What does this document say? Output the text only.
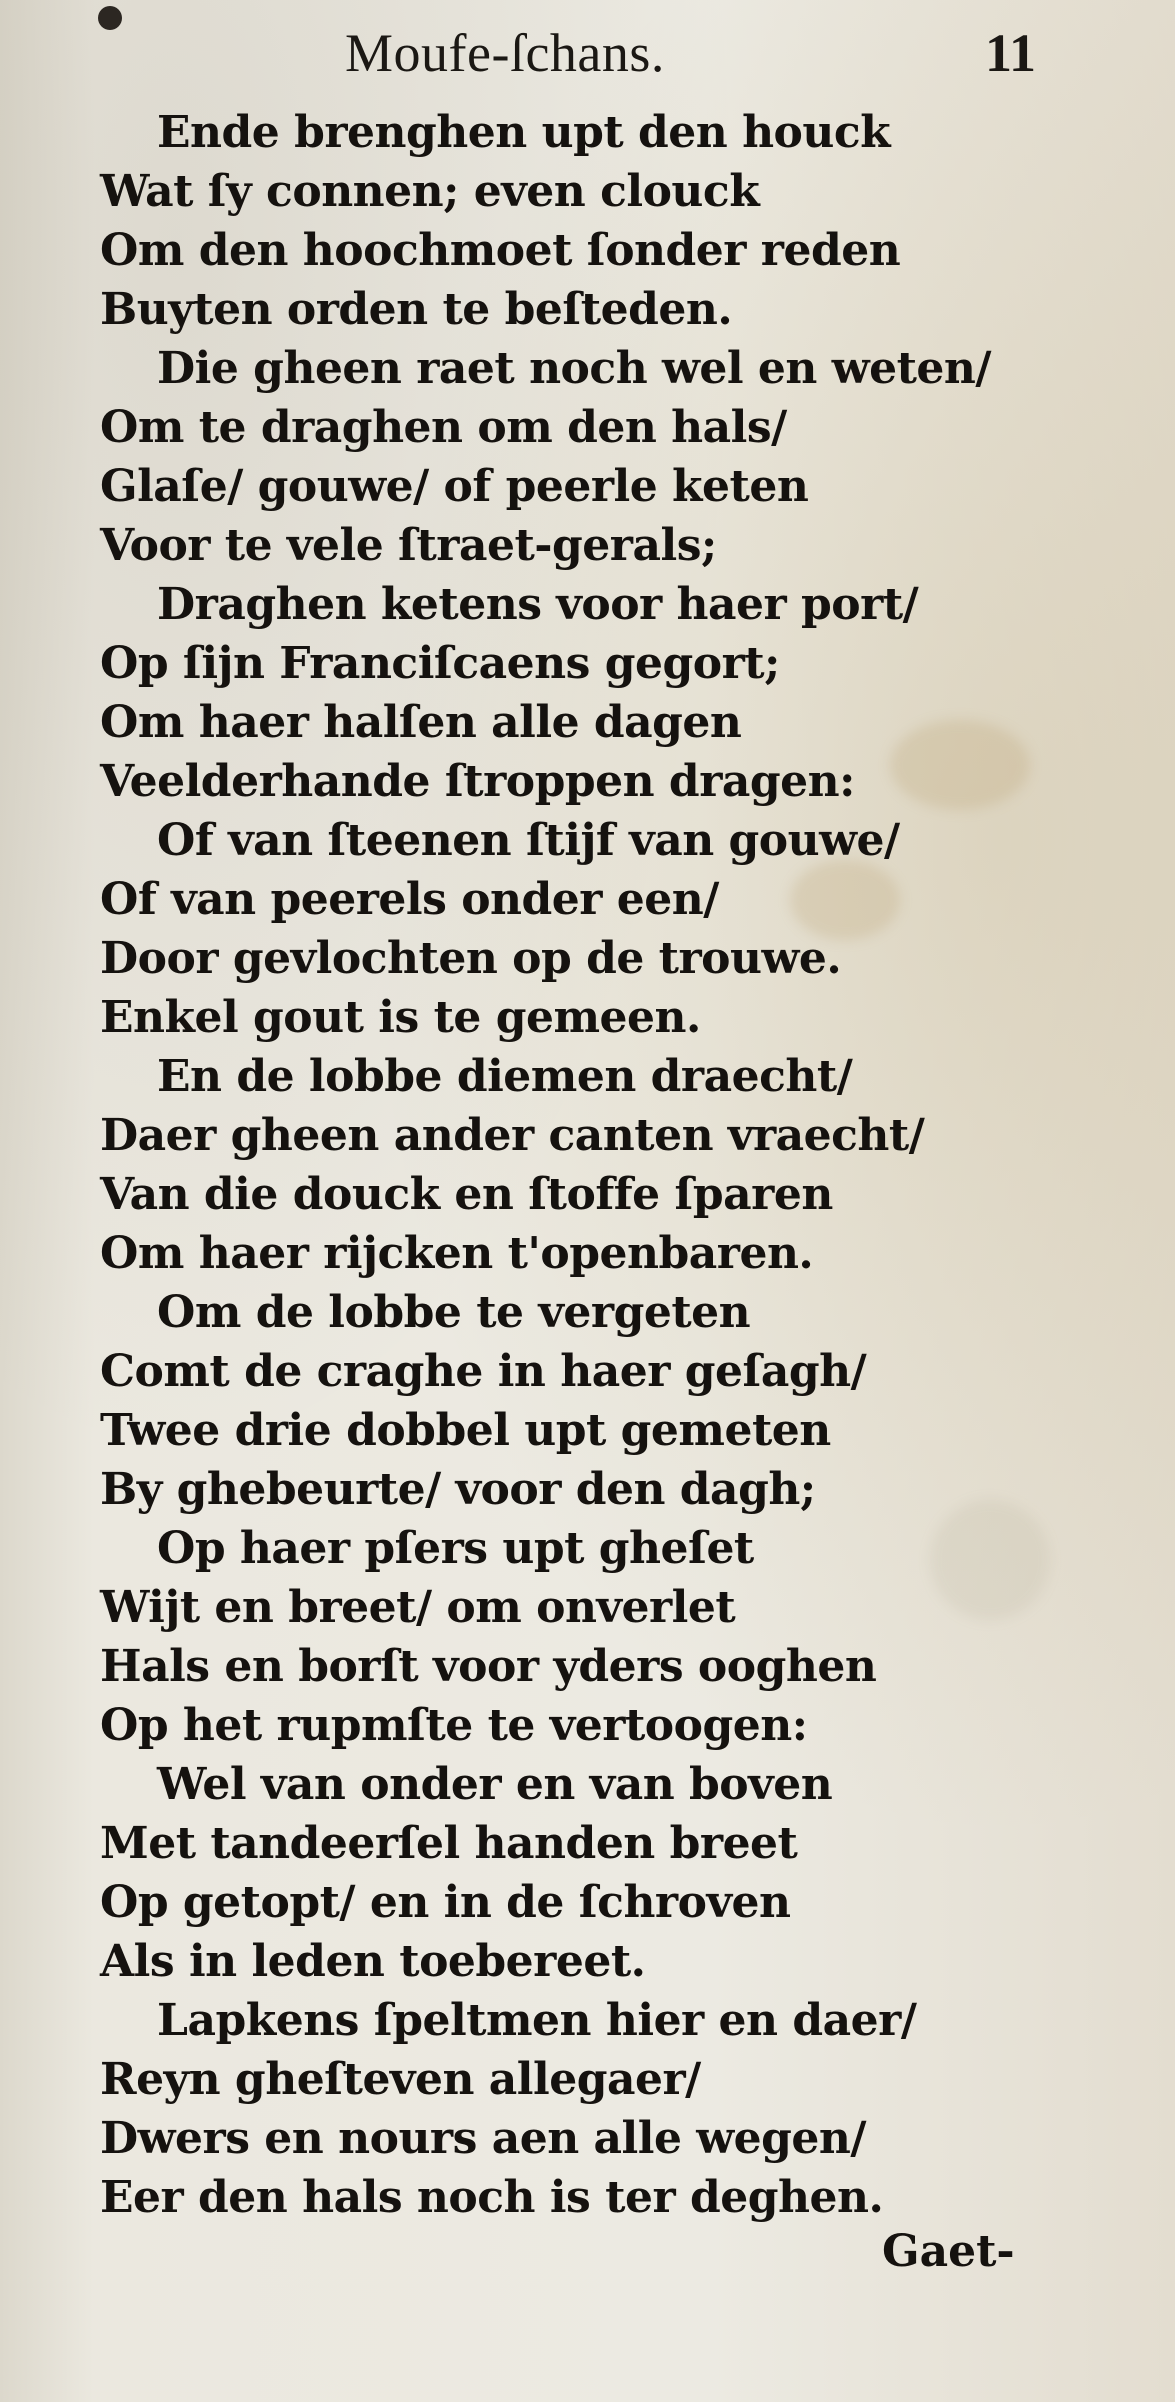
Moufe-ſchans.	11
Ende brenghen upt den houck
Wat ſy connen; even clouck
Om den hoochmoet ſonder reden
Buyten orden te beſteden.
Die gheen raet noch wel en weten/
Om te draghen om den hals/
Glaſe/ gouwe/ of peerle keten
Voor te vele ſtraet-gerals;
Draghen ketens voor haer port/
Op ſijn Franciſcaens gegort;
Om haer halſen alle dagen
Veelderhande ſtroppen dragen:
Of van ſteenen ſtijf van gouwe/
Of van peerels onder een/
Door gevlochten op de trouwe.
Enkel gout is te gemeen.
En de lobbe diemen draecht/
Daer gheen ander canten vraecht/
Van die douck en ſtoffe ſparen
Om haer rijcken t'openbaren.
Om de lobbe te vergeten
Comt de craghe in haer geſagh/
Twee drie dobbel upt gemeten
By ghebeurte/ voor den dagh;
Op haer pſers upt gheſet
Wijt en breet/ om onverlet
Hals en borſt voor yders ooghen
Op het rupmſte te vertoogen:
Wel van onder en van boven
Met tandeerſel handen breet
Op getopt/ en in de ſchroven
Als in leden toebereet.
Lapkens ſpeltmen hier en daer/
Reyn gheſteven allegaer/
Dwers en nours aen alle wegen/
Eer den hals noch is ter deghen.
Gaet-
